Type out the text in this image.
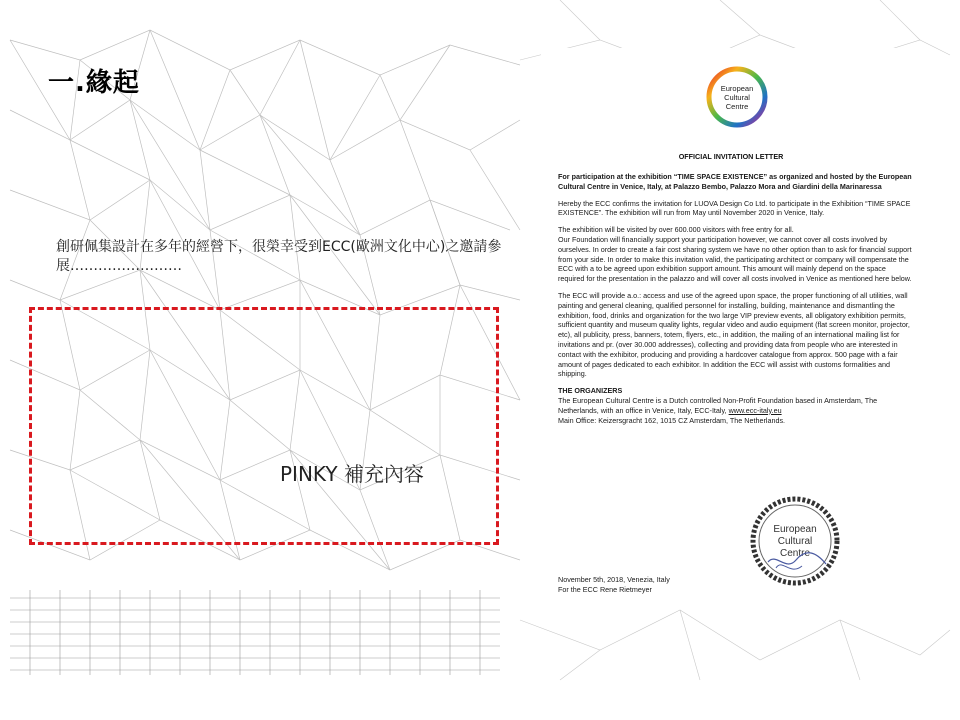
一.緣起
創研佩集設計在多年的經營下，很榮幸受到ECC(歐洲文化中心)之邀請參展……………………
PINKY 補充內容
European
Cultural
Centre
OFFICIAL INVITATION LETTER

For participation at the exhibition “TIME SPACE EXISTENCE” as organized and hosted by the European Cultural Centre in Venice, Italy, at Palazzo Bembo, Palazzo Mora and Giardini della Marinaressa

Hereby the ECC confirms the invitation for LUOVA Design Co Ltd. to participate in the Exhibition “TIME SPACE EXISTENCE”. The exhibition will run from May until November 2020 in Venice, Italy.

The exhibition will be visited by over 600.000 visitors with free entry for all.

Our Foundation will financially support your participation however, we cannot cover all costs involved by ourselves. In order to create a fair cost sharing system we have no other option than to ask for financial support from your side. In order to make this invitation valid, the participating architect or company will compensate the ECC with a to be agreed upon exhibition support amount. This amount will mainly depend on the space required for the presentation in the palazzo and will cover all costs involved in Venice as mentioned here below.

The ECC will provide a.o.: access and use of the agreed upon space, the proper functioning of all utilities, wall painting and general cleaning, qualified personnel for installing, building, maintenance and dismantling the exhibition, food, drinks and organization for the two large VIP preview events, all obligatory exhibition permits, sufficient quantity and museum quality lights, regular video and audio equipment (flat screen monitor, projector, etc), all publicity, press, banners, totem, flyers, etc., in addition, the mailing of an international mailing list for invitations and pr. (over 30.000 addresses), collecting and providing data from people who are interested in contact with the exhibitor, producing and providing a hardcover catalogue from approx. 500 page with a fair amount of pages dedicated to each exhibitor. In addition the ECC will assist with customs formalities and shipping.

THE ORGANIZERS

The European Cultural Centre is a Dutch controlled Non-Profit Foundation based in Amsterdam, The Netherlands, with an office in Venice, Italy, ECC-Italy, www.ecc-italy.eu

Main Office: Keizersgracht 162, 1015 CZ Amsterdam, The Netherlands.

European
Cultural
Centre
November 5th, 2018, Venezia, Italy
For the ECC Rene Rietmeyer
